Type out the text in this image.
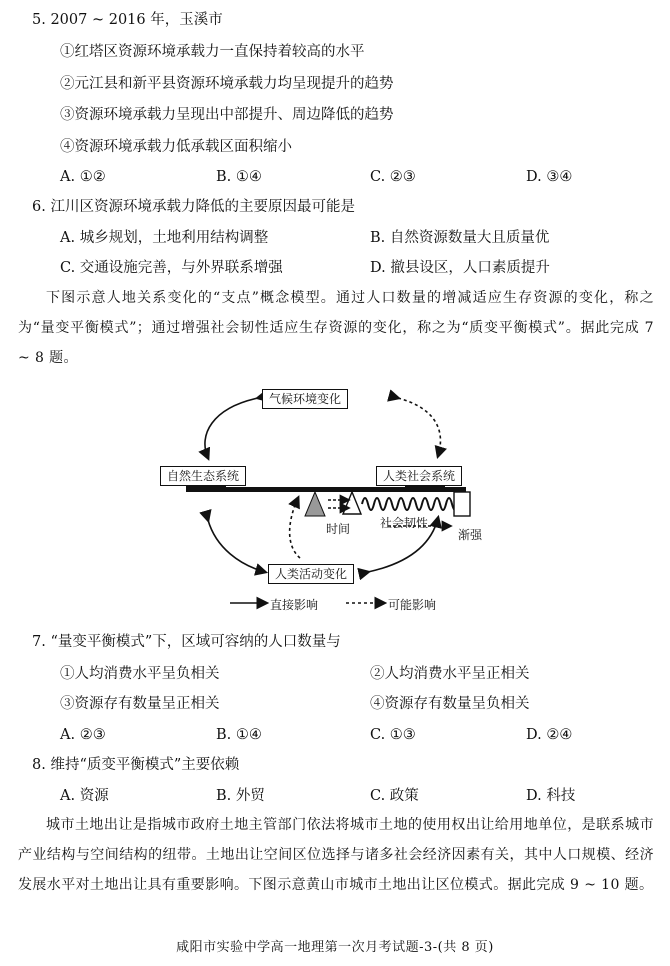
5. 2007 ~ 2016 年，玉溪市
①红塔区资源环境承载力一直保持着较高的水平
②元江县和新平县资源环境承载力均呈现提升的趋势
③资源环境承载力呈现出中部提升、周边降低的趋势
④资源环境承载力低承载区面积缩小
A. ①②	B. ①④	C. ②③	D. ③④
6. 江川区资源环境承载力降低的主要原因最可能是
A. 城乡规划，土地利用结构调整	B. 自然资源数量大且质量优
C. 交通设施完善，与外界联系增强	D. 撤县设区，人口素质提升
下图示意人地关系变化的“支点”概念模型。通过人口数量的增减适应生存资源的变化，称之为“量变平衡模式”；通过增强社会韧性适应生存资源的变化，称之为“质变平衡模式”。据此完成 7 ~ 8 题。
气候环境变化
自然生态系统	人类社会系统
人类活动变化
时间 社会韧性
渐强
直接影响	可能影响
7. “量变平衡模式”下，区域可容纳的人口数量与
①人均消费水平呈负相关	②人均消费水平呈正相关
③资源存有数量呈正相关	④资源存有数量呈负相关
A. ②③	B. ①④	C. ①③	D. ②④
8. 维持“质变平衡模式”主要依赖
A. 资源	B. 外贸	C. 政策	D. 科技
城市土地出让是指城市政府土地主管部门依法将城市土地的使用权出让给用地单位，是联系城市产业结构与空间结构的纽带。土地出让空间区位选择与诸多社会经济因素有关，其中人口规模、经济发展水平对土地出让具有重要影响。下图示意黄山市城市土地出让区位模式。据此完成 9 ~ 10 题。
咸阳市实验中学高一地理第一次月考试题-3-(共 8 页)
